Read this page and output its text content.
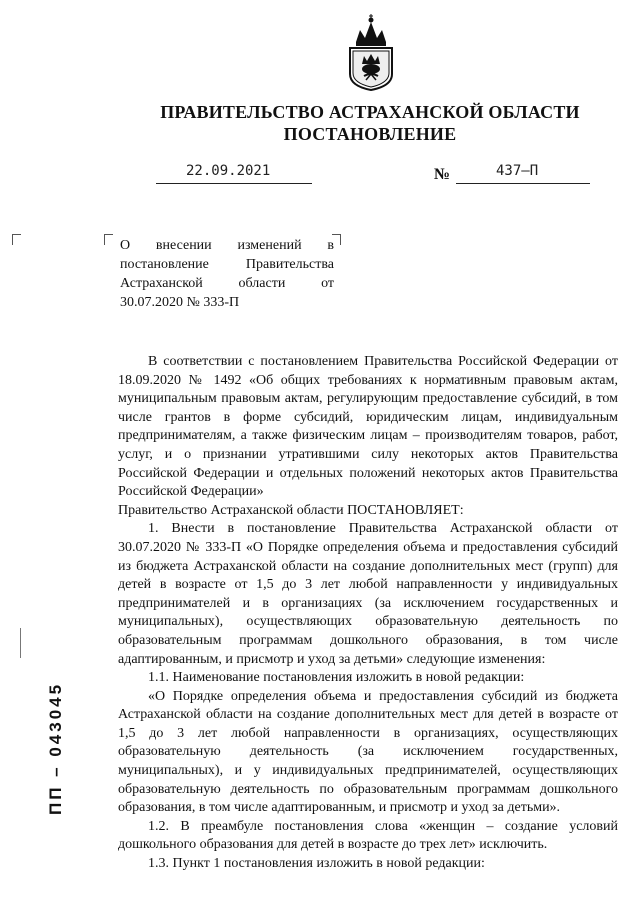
ПРАВИТЕЛЬСТВО АСТРАХАНСКОЙ ОБЛАСТИ
ПОСТАНОВЛЕНИЕ
22.09.2021	№	437–П
О внесении изменений в постановление Правительства Астраханской области от 30.07.2020 № 333-П

В соответствии с постановлением Правительства Российской Федерации от 18.09.2020 № 1492 «Об общих требованиях к нормативным правовым актам, муниципальным правовым актам, регулирующим предоставление субсидий, в том числе грантов в форме субсидий, юридическим лицам, индивидуальным предпринимателям, а также физическим лицам – производителям товаров, работ, услуг, и о признании утратившими силу некоторых актов Правительства Российской Федерации и отдельных положений некоторых актов Правительства Российской Федерации»

Правительство Астраханской области ПОСТАНОВЛЯЕТ:

1. Внести в постановление Правительства Астраханской области от 30.07.2020 № 333-П «О Порядке определения объема и предоставления субсидий из бюджета Астраханской области на создание дополнительных мест (групп) для детей в возрасте от 1,5 до 3 лет любой направленности у индивидуальных предпринимателей и в организациях (за исключением государственных и муниципальных), осуществляющих образовательную деятельность по образовательным программам дошкольного образования, в том числе адаптированным, и присмотр и уход за детьми» следующие изменения:

1.1. Наименование постановления изложить в новой редакции:

«О Порядке определения объема и предоставления субсидий из бюджета Астраханской области на создание дополнительных мест для детей в возрасте от 1,5 до 3 лет любой направленности в организациях, осуществляющих образовательную деятельность (за исключением государственных, муниципальных), и у индивидуальных предпринимателей, осуществляющих образовательную деятельность по образовательным программам дошкольного образования, в том числе адаптированным, и присмотр и уход за детьми».

1.2. В преамбуле постановления слова «женщин – создание условий дошкольного образования для детей в возрасте до трех лет» исключить.

1.3. Пункт 1 постановления изложить в новой редакции:

ПП – 043045
